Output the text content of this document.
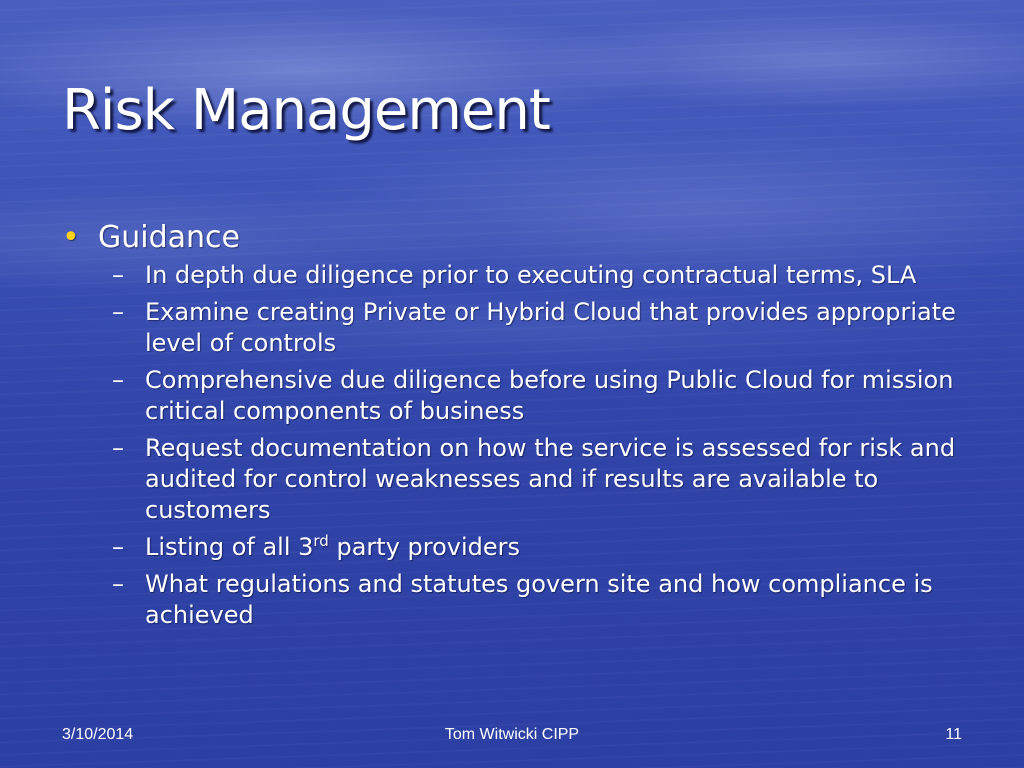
Risk Management
• Guidance
– In depth due diligence prior to executing contractual terms, SLA
– Examine creating Private or Hybrid Cloud that provides appropriate level of controls
– Comprehensive due diligence before using Public Cloud for mission critical components of business
– Request documentation on how the service is assessed for risk and audited for control weaknesses and if results are available to customers
– Listing of all 3rd party providers
– What regulations and statutes govern site and how compliance is achieved
3/10/2014	Tom Witwicki CIPP	11
